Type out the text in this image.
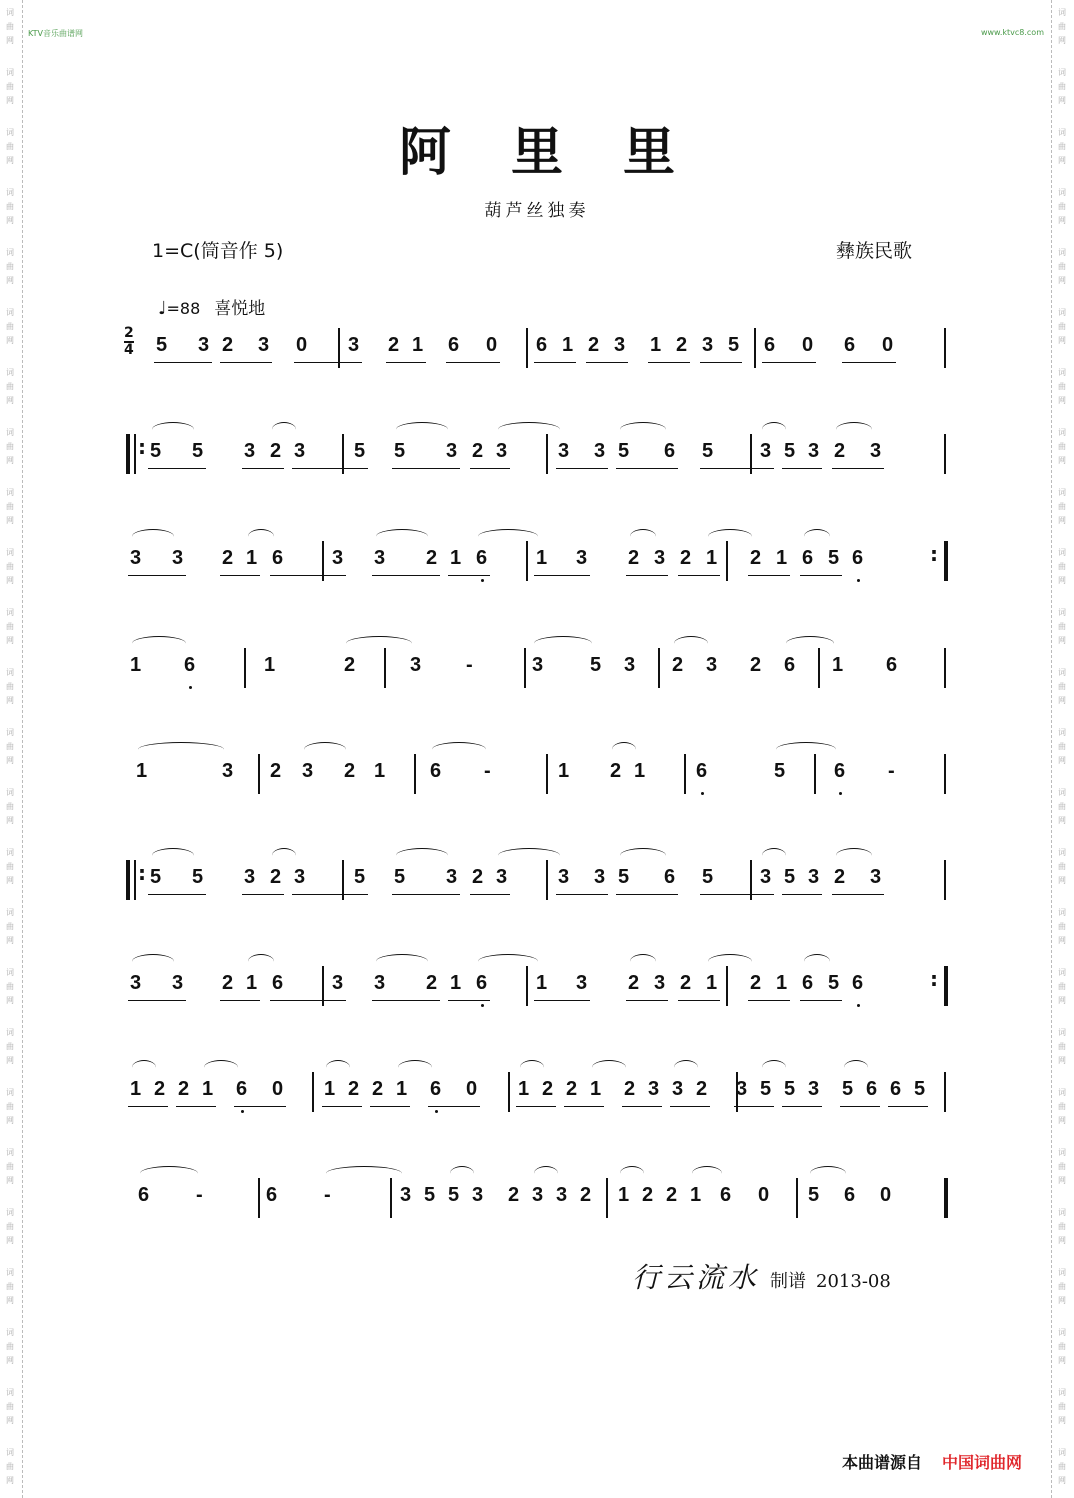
词
曲
网
词
曲
网
词
曲
网
词
曲
网
词
曲
网
词
曲
网
词
曲
网
词
曲
网
词
曲
网
词
曲
网
词
曲
网
词
曲
网
词
曲
网
词
曲
网
词
曲
网
词
曲
网
词
曲
网
词
曲
网
词
曲
网
词
曲
网
词
曲
网
词
曲
网
词
曲
网
词
曲
网
词
曲
网
词
曲
网
词
曲
网
词
曲
网
词
曲
网
词
曲
网
词
曲
网
词
曲
网
词
曲
网
词
曲
网
词
曲
网
词
曲
网
词
曲
网
词
曲
网
词
曲
网
词
曲
网
词
曲
网
词
曲
网
词
曲
网
词
曲
网
词
曲
网
词
曲
网
词
曲
网
词
曲
网
词
曲
网
词
曲
网
KTV音乐曲谱网	www.ktvc8.com
阿里里
葫芦丝独奏
1=C(筒音作 5)	彝族民歌
♩=88 喜悦地
5 3 2 3 0 3 2 1 6 0 6 1 2 3 1 2 3 5 6 0 6 0
2
4
5 5 3 2 3 5 5 3 2 3	3 3 5 6 5 3 5 3 2 3
:
3 3 2 1 6 3 3 2 1 6 1 3 2 3 2 1 2 1 6 5 6	:
1 6	1	2	3 -	3 5 3 2 3 2 6 1 6
1	3 2 3 2 1 6 -	1 2 1	6	5 6 -
5 5 3 2 3 5 5 3 2 3	3 3 5 6 5 3 5 3 2 3
:
3 3 2 1 6 3 3 2 1 6 1 3 2 3 2 1 2 1 6 5 6	:
1 2 2 1 6 0 1 2 2 1 6 0 1 2 2 1 2 3 3 2 3 5 5 3 5 6 6 5
6 -	6 -	3 5 5 3 2 3 3 2 1 2 2 1 6 0 5 6 0
行云流水 制谱 2013-08
本曲谱源自 中国词曲网
